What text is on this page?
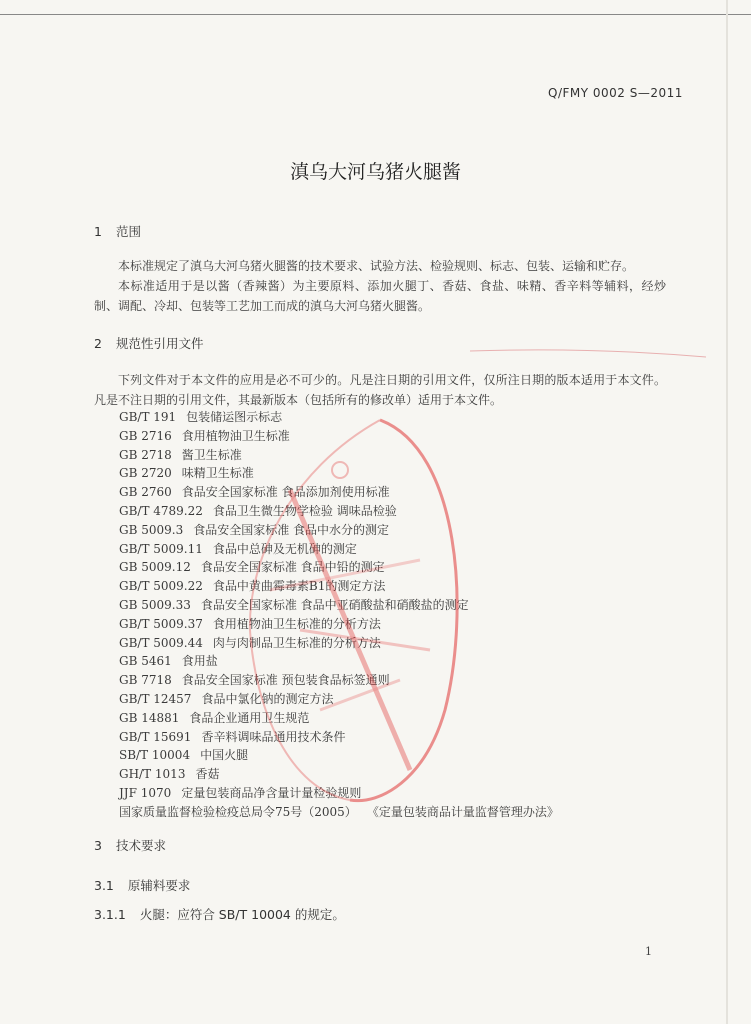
Q/FMY 0002 S—2011
滇乌大河乌猪火腿酱
1 范围

本标准规定了滇乌大河乌猪火腿酱的技术要求、试验方法、检验规则、标志、包装、运输和贮存。

本标准适用于是以酱（香辣酱）为主要原料、添加火腿丁、香菇、食盐、味精、香辛料等辅料，经炒制、调配、冷却、包装等工艺加工而成的滇乌大河乌猪火腿酱。

2 规范性引用文件

下列文件对于本文件的应用是必不可少的。凡是注日期的引用文件，仅所注日期的版本适用于本文件。凡是不注日期的引用文件，其最新版本（包括所有的修改单）适用于本文件。

GB/T 191 包装储运图示标志
GB 2716 食用植物油卫生标准
GB 2718 酱卫生标准
GB 2720 味精卫生标准
GB 2760 食品安全国家标准 食品添加剂使用标准
GB/T 4789.22 食品卫生微生物学检验 调味品检验
GB 5009.3 食品安全国家标准 食品中水分的测定
GB/T 5009.11 食品中总砷及无机砷的测定
GB 5009.12 食品安全国家标准 食品中铅的测定
GB/T 5009.22 食品中黄曲霉毒素B1的测定方法
GB 5009.33 食品安全国家标准 食品中亚硝酸盐和硝酸盐的测定
GB/T 5009.37 食用植物油卫生标准的分析方法
GB/T 5009.44 肉与肉制品卫生标准的分析方法
GB 5461 食用盐
GB 7718 食品安全国家标准 预包装食品标签通则
GB/T 12457 食品中氯化钠的测定方法
GB 14881 食品企业通用卫生规范
GB/T 15691 香辛料调味品通用技术条件
SB/T 10004 中国火腿
GH/T 1013 香菇
JJF 1070 定量包装商品净含量计量检验规则
国家质量监督检验检疫总局令75号（2005） 《定量包装商品计量监督管理办法》
3 技术要求
3.1 原辅料要求
3.1.1 火腿：应符合 SB/T 10004 的规定。
1
